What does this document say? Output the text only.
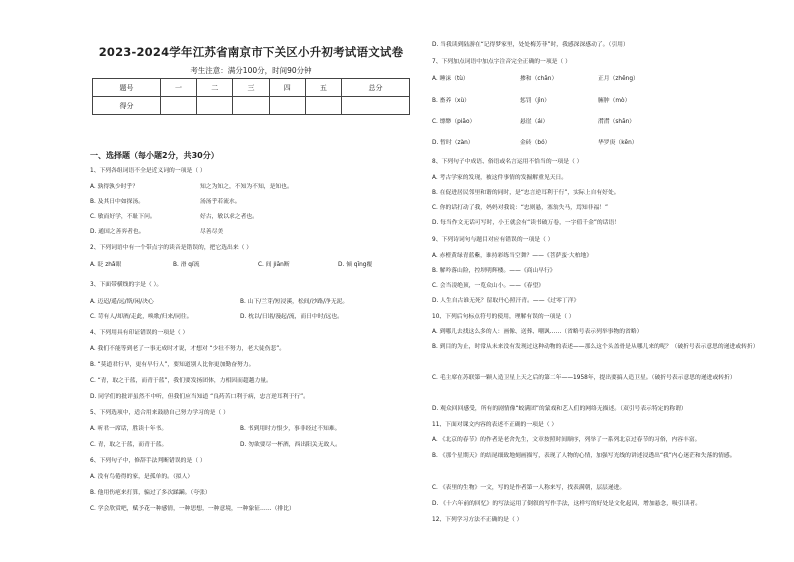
2023-2024学年江苏省南京市下关区小升初考试语文试卷
考生注意：满分100分，时间90分钟
题号	一	二	三	四	五	总分
得分						
一、选择题（每小题2分，共30分）
1、下列各组词语不全是近义词的一项是（ ）
A. 孰得孰少时乎？	知之为知之，不知为不知，是知也。
B. 及其日中如探汤。	汤汤乎若流水。
C. 敏而好学，不耻下问。	好古，敏以求之者也。
D. 通国之善弈者也。	尽善尽美
2、下列词语中有一个带点字的读音是错误的，把它选出来（ ）
A. 眨 zhǎ眼	B. 滑 qí流	C. 间 jiān断	D. 倾 qīng覆
3、下面带横线的字是（ ）。
A. 迈迢/遥/远/斯/闲/决心	B. 山下/兰芽/短浸溪，松间/沙路/净无泥。
C. 苛有人/却酒/走此，唤歌/归来/同往。	D. 枕以/日诸/漫起/流，而日中时/远也。
4、下列用具有印证错误的一项是（ ）
A. 我们不能等到老了一事无成时才说，才想对 “少壮不努力，老大徒伤悲”。
B. “莫道君行早，更有早行人”，要知道别人比你更加勤奋努力。
C. “青，取之于蓝，而青于蓝”，我们要发扬团体，力相因而超越力量。
D. 同学们的批评虽然不中听，但我们应当知道 “良药苦口利于病，忠言逆耳利于行”。
5、下列选项中，适合用来鼓励自己努力学习的是（ ）
A. 听君一席话，胜读十年书。	B. 书到用时方恨少，事非经过不知难。
C. 青，取之于蓝，而青于蓝。	D. 勿欲要尽一杯酒，西出阳关无故人。
6、下列句子中，修辞手法判断错误的是（ ）
A. 没有鸟倦得的家，是孤单的。（拟人）
B. 他用伤疤来打算，骗过了多次蹂躏。（夸张）
C. 学会欣赏吧，赋予花一种感情，一种思想，一种意境，一种象征……（排比）
D. 当我读到陆游在“记得梦家里，处处梅芳菲”时，我感深深感动了。（引用）
7、下列加点词语中加点字注音完全正确的一项是（ ）
A. 睡沫（tù）	掺和（chān）	正月（zhēng）
B. 畜养（xù）	惩罚（jìn）	臃肿（mò）
C. 缥缈（piāo）	悬崖（ái）	潸潸（shān）
D. 暂时（zàn）	金砖（bó）	华罗庚（kēn）
8、下列句子中成语、俗语或名言运用不恰当的一项是（ ）
A. 考古学家的发现，被这件事情的发掘解重见天日。
B. 在促进居民邻里和谐的同时，是“忠言逆耳利于行”，实际上自有好处。
C. 你的话打动了我，妈妈对我说：“忠则悬，塞翁失马，焉知非福！”
D. 每当作文无话可写时，小王就会有“读书破万卷，一字值千金”的话语！
9、下列诗词句与题目对应有错误的一项是（ ）
A. 赤橙黄绿青蓝紫，谁持彩练当空舞？——《菩萨蛮·大柏地》
B. 解吟落山险，控坝明辉楼。——《商山早行》
C. 会当凌绝顶，一览众山小。——《春望》
D. 人生自古谁无死？留取丹心照汗青。——《过零丁洋》
10、下列后句标点符号的使用，理解有误的一项是（ ）
A. 到哪儿去找这么多的人：画像、送葬、嘲讽……（省略号表示列举事物的省略）
B. 到目的为止，时常从未来没有发现过这种动物的表述——那么这个头盖骨是从哪儿来的呢？（破折号表示意思的递进或转折）
C. 毛主席在苏联第一颗人造卫星上天之后的第二年——1958年，提出要搞人造卫星。（破折号表示意思的递进或转折）
D. 观众回回感受，所有的剧情像“蛟满团”的蒙戏和艺人们的网络无描述。（双引号表示特定的称谓）
11、下面对课文内容的表述不正确的一项是（ ）
A. 《北京的春节》的作者是老舍先生，文章按照时间顺序，列举了一系列北京过春节的习俗，内容丰富。
B. 《那个星期天》的结尾细致地刻画描写，表现了人物的心情，加强写光线的讲述浸透出“我”内心迷茫和失落的情感。
C. 《表里的生物》一文，写的是作者第一人称来写，找表满朝，层层递进。
D. 《十六年前的回忆》的写法运用了倒叙的写作手法，这样写的好处是文化起因，增加悬念，吸引读者。
12、下列学习方法不正确的是（ ）
